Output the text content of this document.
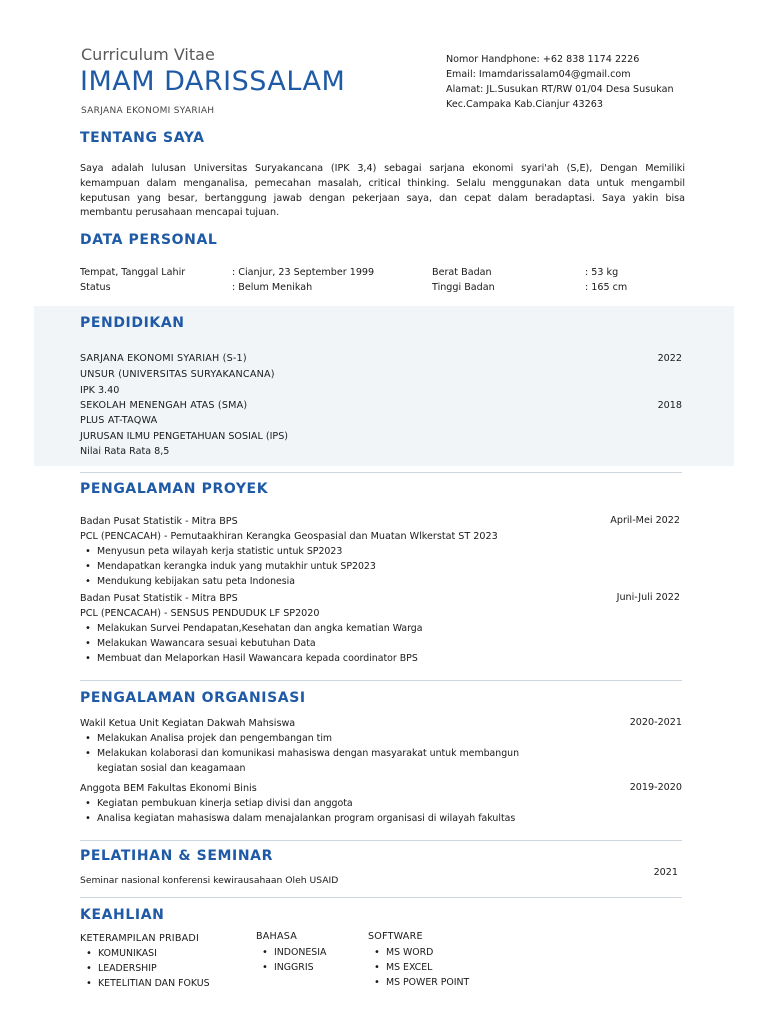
Curriculum Vitae
IMAM DARISSALAM
SARJANA EKONOMI SYARIAH
Nomor Handphone: +62 838 1174 2226
Email: Imamdarissalam04@gmail.com
Alamat: JL.Susukan RT/RW 01/04 Desa Susukan
Kec.Campaka Kab.Cianjur 43263
TENTANG SAYA
Saya adalah lulusan Universitas Suryakancana (IPK 3,4) sebagai sarjana ekonomi syari'ah (S,E), Dengan Memiliki kemampuan dalam menganalisa, pemecahan masalah, critical thinking. Selalu menggunakan data untuk mengambil keputusan yang besar, bertanggung jawab dengan pekerjaan saya, dan cepat dalam beradaptasi. Saya yakin bisa membantu perusahaan mencapai tujuan.
DATA PERSONAL
Tempat, Tanggal Lahir	: Cianjur, 23 September 1999
Status	: Belum Menikah
Berat Badan	: 53 kg
Tinggi Badan	: 165 cm
PENDIDIKAN
SARJANA EKONOMI SYARIAH (S-1)
UNSUR (UNIVERSITAS SURYAKANCANA)
IPK 3.40
2022
SEKOLAH MENENGAH ATAS (SMA)
PLUS AT-TAQWA
JURUSAN ILMU PENGETAHUAN SOSIAL (IPS)
Nilai Rata Rata 8,5
2018
PENGALAMAN PROYEK
Badan Pusat Statistik - Mitra BPS	April-Mei 2022
PCL (PENCACAH) - Pemutaakhiran Kerangka Geospasial dan Muatan Wlkerstat ST 2023
• Menyusun peta wilayah kerja statistic untuk SP2023
• Mendapatkan kerangka induk yang mutakhir untuk SP2023
• Mendukung kebijakan satu peta Indonesia
Badan Pusat Statistik - Mitra BPS	Juni-Juli 2022
PCL (PENCACAH) - SENSUS PENDUDUK LF SP2020
• Melakukan Survei Pendapatan,Kesehatan dan angka kematian Warga
• Melakukan Wawancara sesuai kebutuhan Data
• Membuat dan Melaporkan Hasil Wawancara kepada coordinator BPS
PENGALAMAN ORGANISASI
Wakil Ketua Unit Kegiatan Dakwah Mahsiswa	2020-2021
• Melakukan Analisa projek dan pengembangan tim
• Melakukan kolaborasi dan komunikasi mahasiswa dengan masyarakat untuk membangun kegiatan sosial dan keagamaan
Anggota BEM Fakultas Ekonomi Binis	2019-2020
• Kegiatan pembukuan kinerja setiap divisi dan anggota
• Analisa kegiatan mahasiswa dalam menajalankan program organisasi di wilayah fakultas
PELATIHAN & SEMINAR
Seminar nasional konferensi kewirausahaan Oleh USAID
2021
KEAHLIAN
KETERAMPILAN PRIBADI
• KOMUNIKASI
• LEADERSHIP
• KETELITIAN DAN FOKUS
BAHASA
• INDONESIA
• INGGRIS
SOFTWARE
• MS WORD
• MS EXCEL
• MS POWER POINT
